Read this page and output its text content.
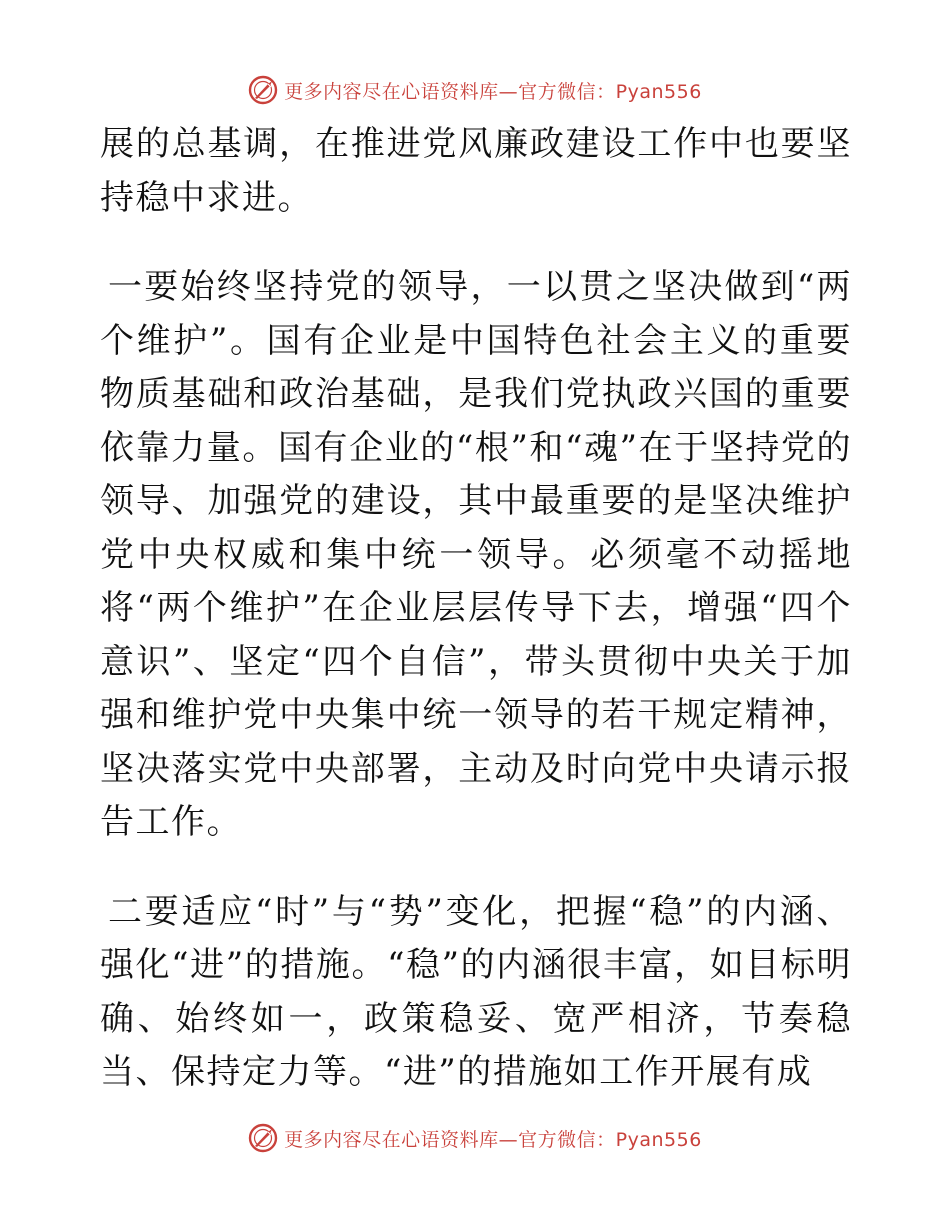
更多内容尽在心语资料库—官方微信：Pyan556

展的总基调，在推进党风廉政建设工作中也要坚持稳中求进。

一要始终坚持党的领导，一以贯之坚决做到“两个维护”。国有企业是中国特色社会主义的重要物质基础和政治基础，是我们党执政兴国的重要依靠力量。国有企业的“根”和“魂”在于坚持党的领导、加强党的建设，其中最重要的是坚决维护党中央权威和集中统一领导。必须毫不动摇地将“两个维护”在企业层层传导下去，增强“四个意识”、坚定“四个自信”，带头贯彻中央关于加强和维护党中央集中统一领导的若干规定精神，坚决落实党中央部署，主动及时向党中央请示报告工作。

二要适应“时”与“势”变化，把握“稳”的内涵、强化“进”的措施。“稳”的内涵很丰富，如目标明确、始终如一，政策稳妥、宽严相济，节奏稳当、保持定力等。“进”的措施如工作开展有成

更多内容尽在心语资料库—官方微信：Pyan556
